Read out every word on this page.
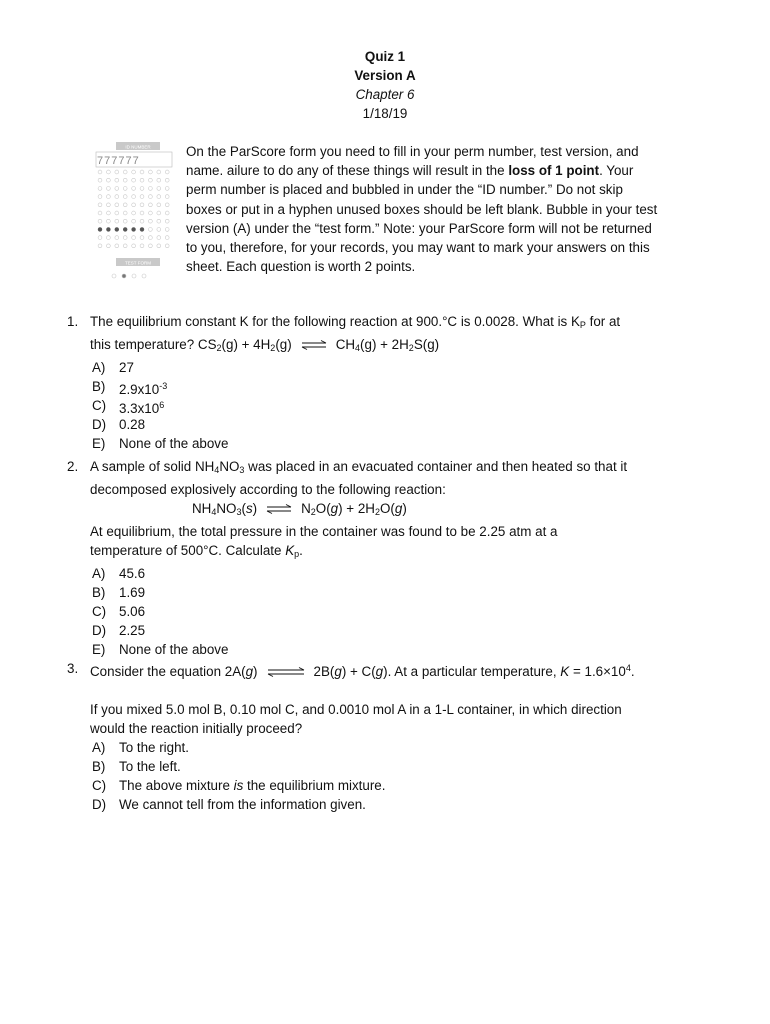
Quiz 1
Version A
Chapter 6
1/18/19
ID NUMBER
777777
TEST FORM
On the ParScore form you need to fill in your perm number, test version, and name. ailure to do any of these things will result in the loss of 1 point. Your perm number is placed and bubbled in under the “ID number.” Do not skip boxes or put in a hyphen unused boxes should be left blank. Bubble in your test version (A) under the “test form.” Note: your ParScore form will not be returned to you, therefore, for your records, you may want to mark your answers on this sheet. Each question is worth 2 points.
1. The equilibrium constant K for the following reaction at 900.°C is 0.0028. What is $K_P$ for at
this temperature? $CS_2(g) + 4H_2(g)$ ⇌ $CH_4(g) + 2H_2S(g)$
A)	27
B)	$2.9x10^{-3}$
C) $3.3x10^6$
D) 0.28
E)	None of the above
2. A sample of solid $NH_4NO_3$ was placed in an evacuated container and then heated so that it
decomposed explosively according to the following reaction:
$NH_4NO_3(s)$ ⇌ $N_2O(g) + 2H_2O(g)$
At equilibrium, the total pressure in the container was found to be 2.25 atm at a
temperature of 500°C. Calculate $K_p$.
A)	45.6
B)	1.69
C) 5.06
D) 2.25
E)	None of the above
3. Consider the equation 2A(g) ⇌ 2B(g) + C(g). At a particular temperature, $K = 1.6\times 10^4$.
If you mixed 5.0 mol B, 0.10 mol C, and 0.0010 mol A in a 1-L container, in which direction
would the reaction initially proceed?
A)	To the right.
B)	To the left.
C) The above mixture is the equilibrium mixture.
D) We cannot tell from the information given.
